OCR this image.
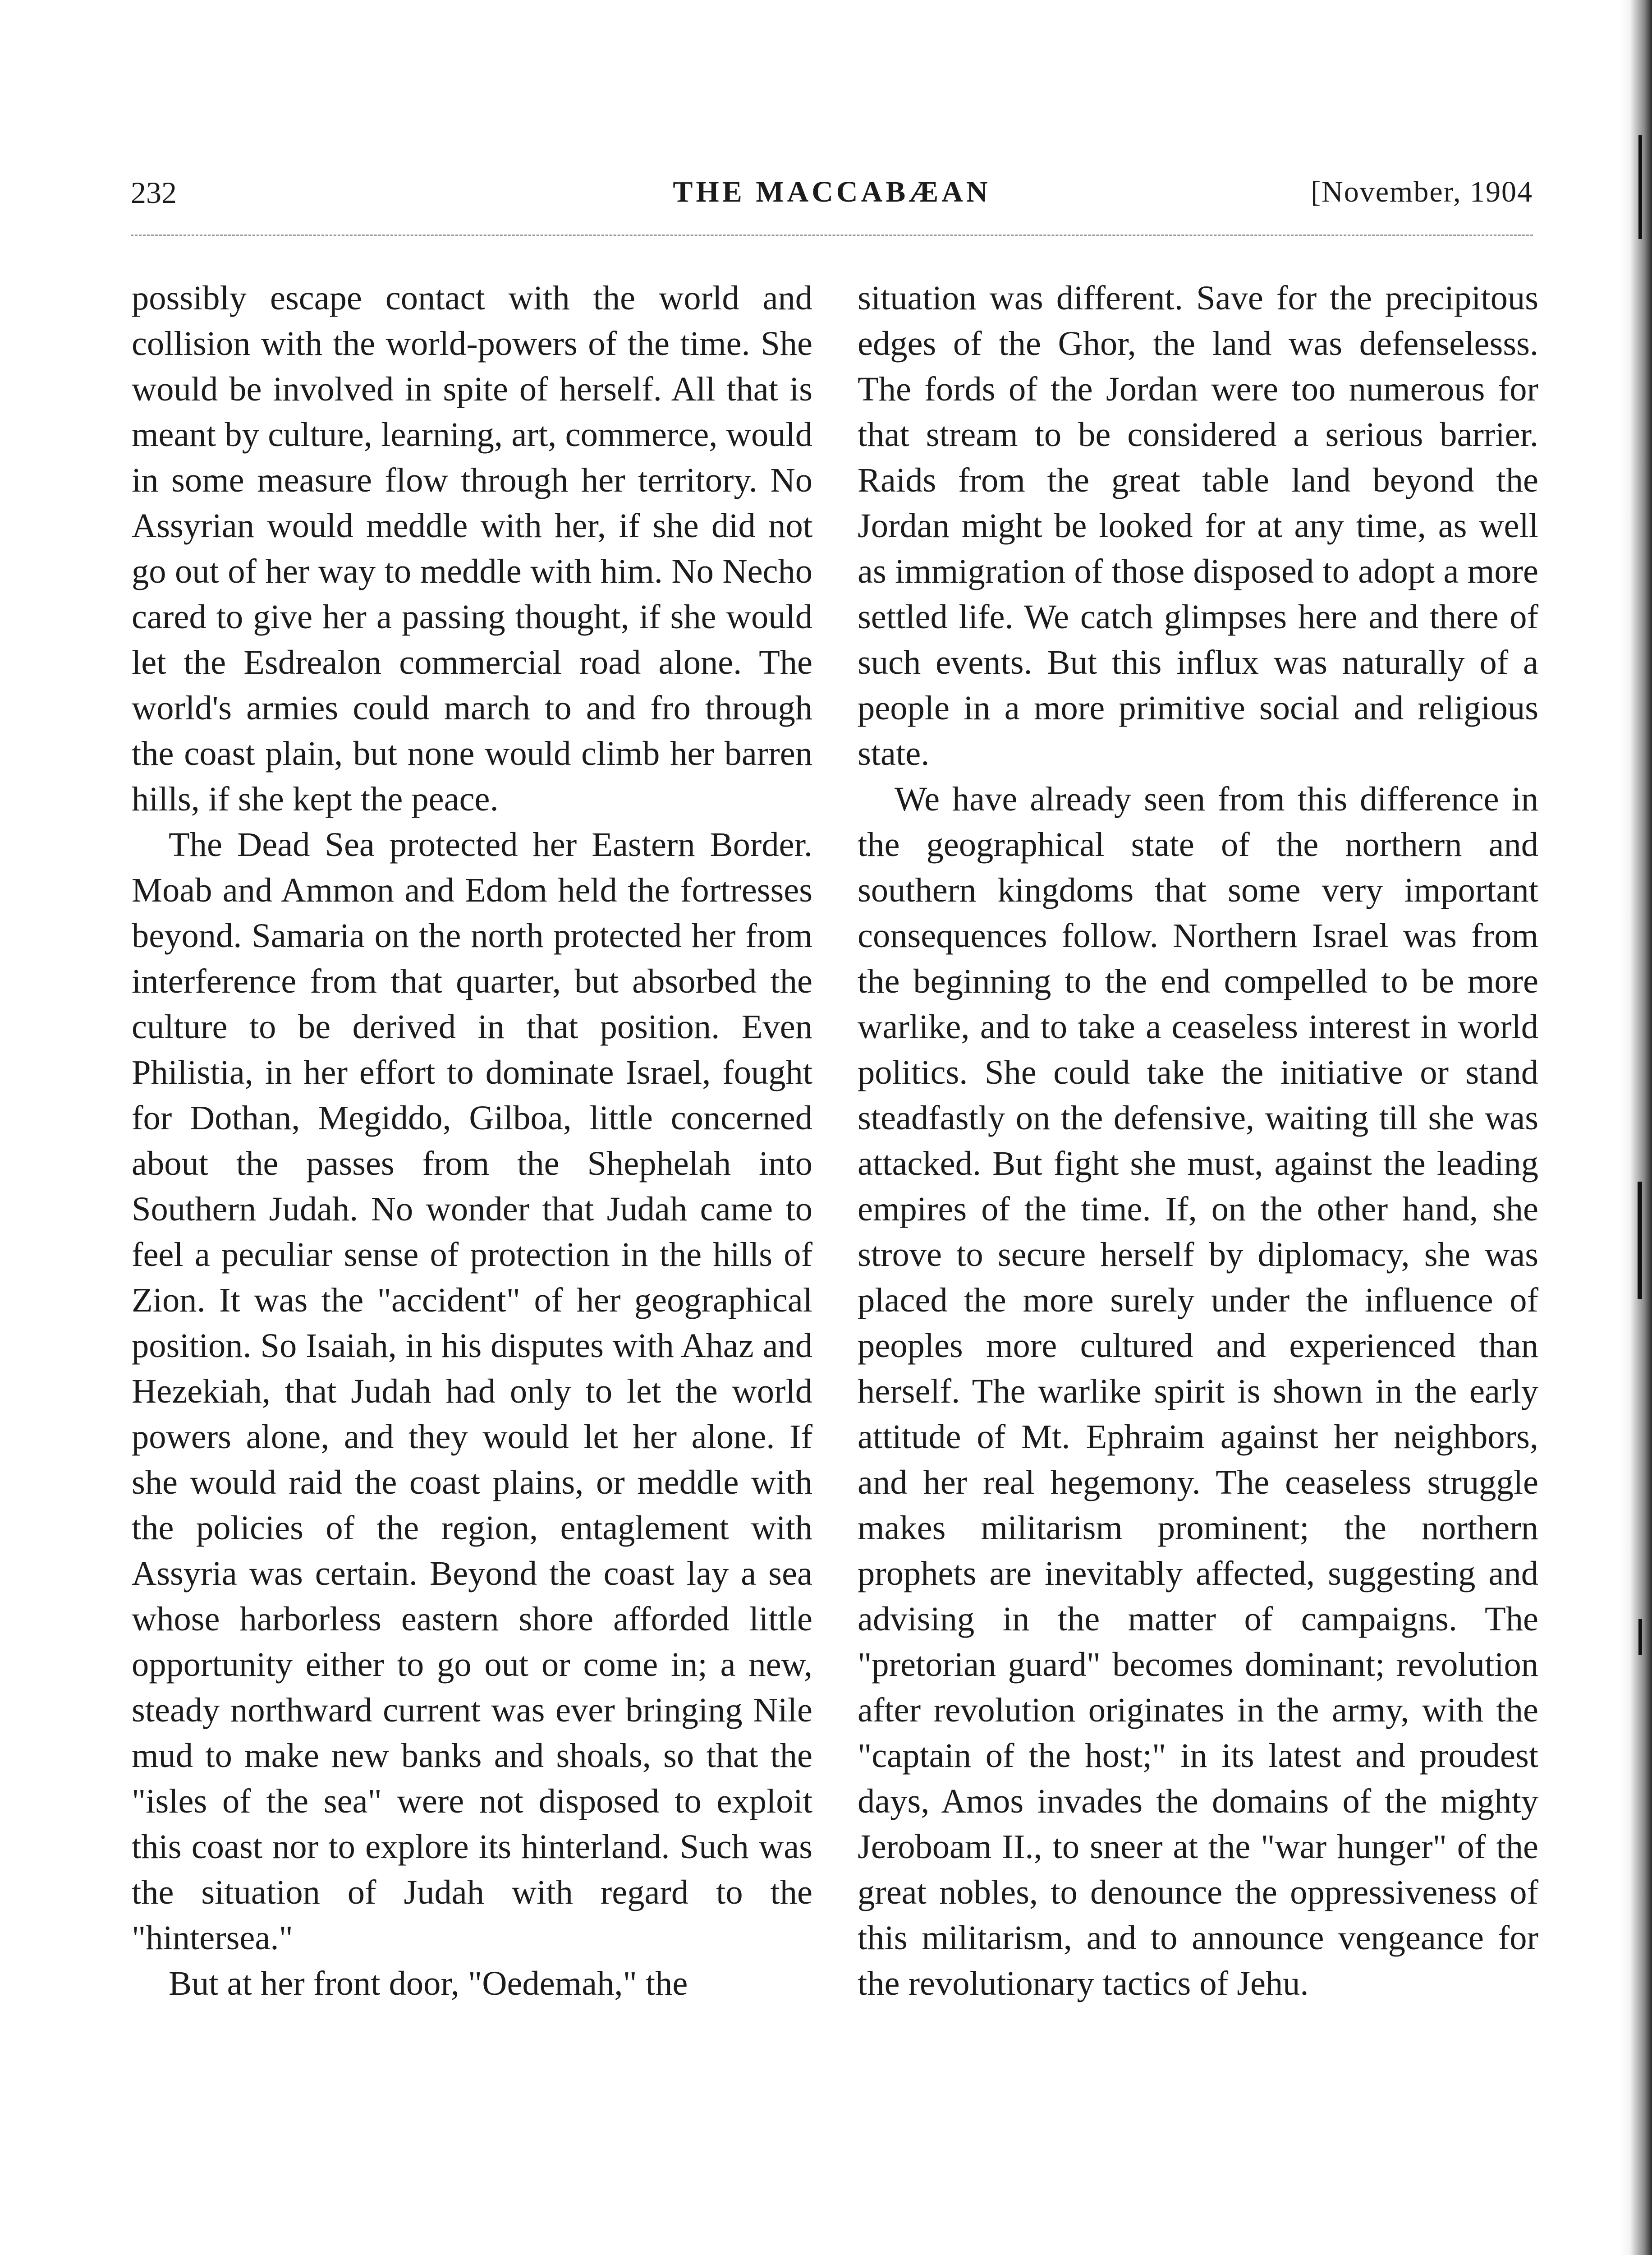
232	THE MACCABÆAN	[November, 1904

possibly escape contact with the world and collision with the world-powers of the time. She would be involved in spite of herself. All that is meant by culture, learning, art, commerce, would in some measure flow through her territory. No Assyrian would meddle with her, if she did not go out of her way to meddle with him. No Necho cared to give her a passing thought, if she would let the Esdrealon commercial road alone. The world's armies could march to and fro through the coast plain, but none would climb her barren hills, if she kept the peace.

The Dead Sea protected her Eastern Border. Moab and Ammon and Edom held the fortresses beyond. Samaria on the north protected her from interference from that quarter, but absorbed the culture to be derived in that position. Even Philistia, in her effort to dominate Israel, fought for Dothan, Megiddo, Gilboa, little concerned about the passes from the Shephelah into Southern Judah. No wonder that Judah came to feel a peculiar sense of protection in the hills of Zion. It was the "accident" of her geographical position. So Isaiah, in his disputes with Ahaz and Hezekiah, that Judah had only to let the world powers alone, and they would let her alone. If she would raid the coast plains, or meddle with the policies of the region, entaglement with Assyria was certain. Beyond the coast lay a sea whose harborless eastern shore afforded little opportunity either to go out or come in; a new, steady northward current was ever bringing Nile mud to make new banks and shoals, so that the "isles of the sea" were not disposed to exploit this coast nor to explore its hinterland. Such was the situation of Judah with regard to the "hintersea."

But at her front door, "Oedemah," the

situation was different. Save for the precipitous edges of the Ghor, the land was defenselesss. The fords of the Jordan were too numerous for that stream to be considered a serious barrier. Raids from the great table land beyond the Jordan might be looked for at any time, as well as immigration of those disposed to adopt a more settled life. We catch glimpses here and there of such events. But this influx was naturally of a people in a more primitive social and religious state.

We have already seen from this difference in the geographical state of the northern and southern kingdoms that some very important consequences follow. Northern Israel was from the beginning to the end compelled to be more warlike, and to take a ceaseless interest in world politics. She could take the initiative or stand steadfastly on the defensive, waiting till she was attacked. But fight she must, against the leading empires of the time. If, on the other hand, she strove to secure herself by diplomacy, she was placed the more surely under the influence of peoples more cultured and experienced than herself. The warlike spirit is shown in the early attitude of Mt. Ephraim against her neighbors, and her real hegemony. The ceaseless struggle makes militarism prominent; the northern prophets are inevitably affected, suggesting and advising in the matter of campaigns. The "pretorian guard" becomes dominant; revolution after revolution originates in the army, with the "captain of the host;" in its latest and proudest days, Amos invades the domains of the mighty Jeroboam II., to sneer at the "war hunger" of the great nobles, to denounce the oppressiveness of this militarism, and to announce vengeance for the revolutionary tactics of Jehu.
